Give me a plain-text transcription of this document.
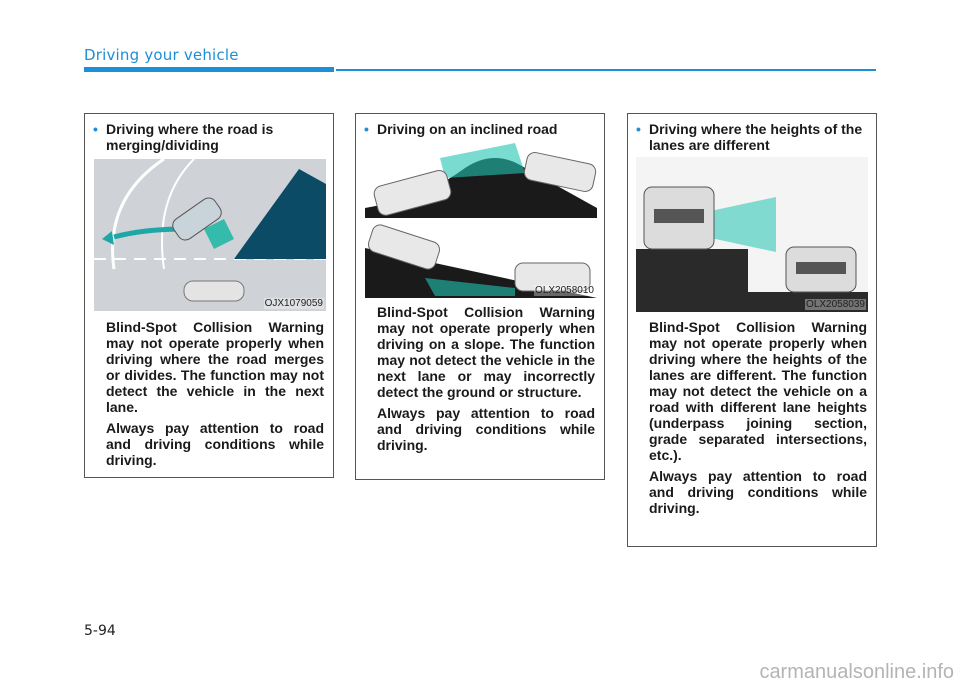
Driving your vehicle
• Driving where the road is merging/dividing
OJX1079059

Blind-Spot Collision Warning may not operate properly when driving where the road merges or divides. The function may not detect the vehicle in the next lane.

Always pay attention to road and driving conditions while driving.

• Driving on an inclined road
OLX2058010

Blind-Spot Collision Warning may not operate properly when driving on a slope. The function may not detect the vehicle in the next lane or may incorrectly detect the ground or structure.

Always pay attention to road and driving conditions while driving.

• Driving where the heights of the lanes are different
OLX2058039

Blind-Spot Collision Warning may not operate properly when driving where the heights of the lanes are different. The function may not detect the vehicle on a road with different lane heights (underpass joining section, grade separated intersections, etc.).

Always pay attention to road and driving conditions while driving.

5-94
carmanualsonline.info
